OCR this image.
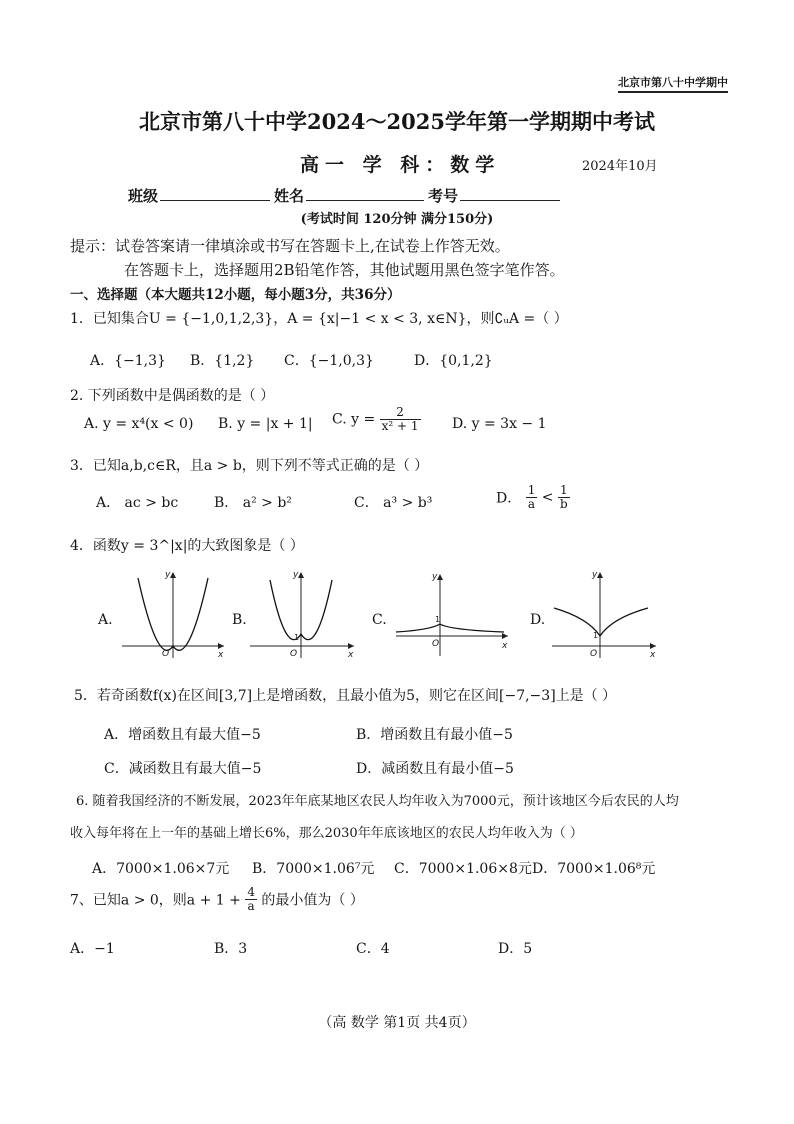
北京市第八十中学期中
北京市第八十中学2024～2025学年第一学期期中考试
高一 学 科：数学	2024年10月
班级	姓名	考号
(考试时间 120分钟 满分150分)
提示：试卷答案请一律填涂或书写在答题卡上,在试卷上作答无效。
在答题卡上，选择题用2B铅笔作答，其他试题用黑色签字笔作答。
一、选择题（本大题共12小题，每小题3分，共36分）
1．已知集合U = {−1,0,1,2,3}，A = {x|−1 < x < 3, x∈N}，则∁ᵤA =（ ）
A．{−1,3} B．{1,2} C．{−1,0,3}	D．{0,1,2}
2. 下列函数中是偶函数的是（ ）
A. y = x⁴(x < 0) B. y = |x + 1| C. $y = \frac{2}{\text{x² + 1}} D$. y = 3x − 1
3．已知a,b,c∈R，且a > b，则下列不等式正确的是（ ）
A． ac > bc	B． a² > b²	C． a³ > b³	D． $\frac{1}{a} < \frac{1}{b}$
4．函数y = 3^|x|的大致图象是（ ）
A.	B.	C.	D.
y
x
O
y
x
O
1
y
x
O
1
y
x
O
1
5．若奇函数f(x)在区间[3,7]上是增函数，且最小值为5，则它在区间[−7,−3]上是（ ）
A．增函数且有最大值−5	B．增函数且有最小值−5
C．减函数且有最大值−5	D．减函数且有最小值−5
6. 随着我国经济的不断发展，2023年年底某地区农民人均年收入为7000元，预计该地区今后农民的人均
收入每年将在上一年的基础上增长6%，那么2030年年底该地区的农民人均年收入为（ ）
A．7000×1.06×7元 B．7000×1.06⁷元 C．7000×1.06×8元 D．7000×1.06⁸元
7、已知a > 0，则$a + 1 + \frac{4}{a}$ 的最小值为（ ）
A．−1	B．3	C．4	D．5
（高 数学 第1页 共4页）
